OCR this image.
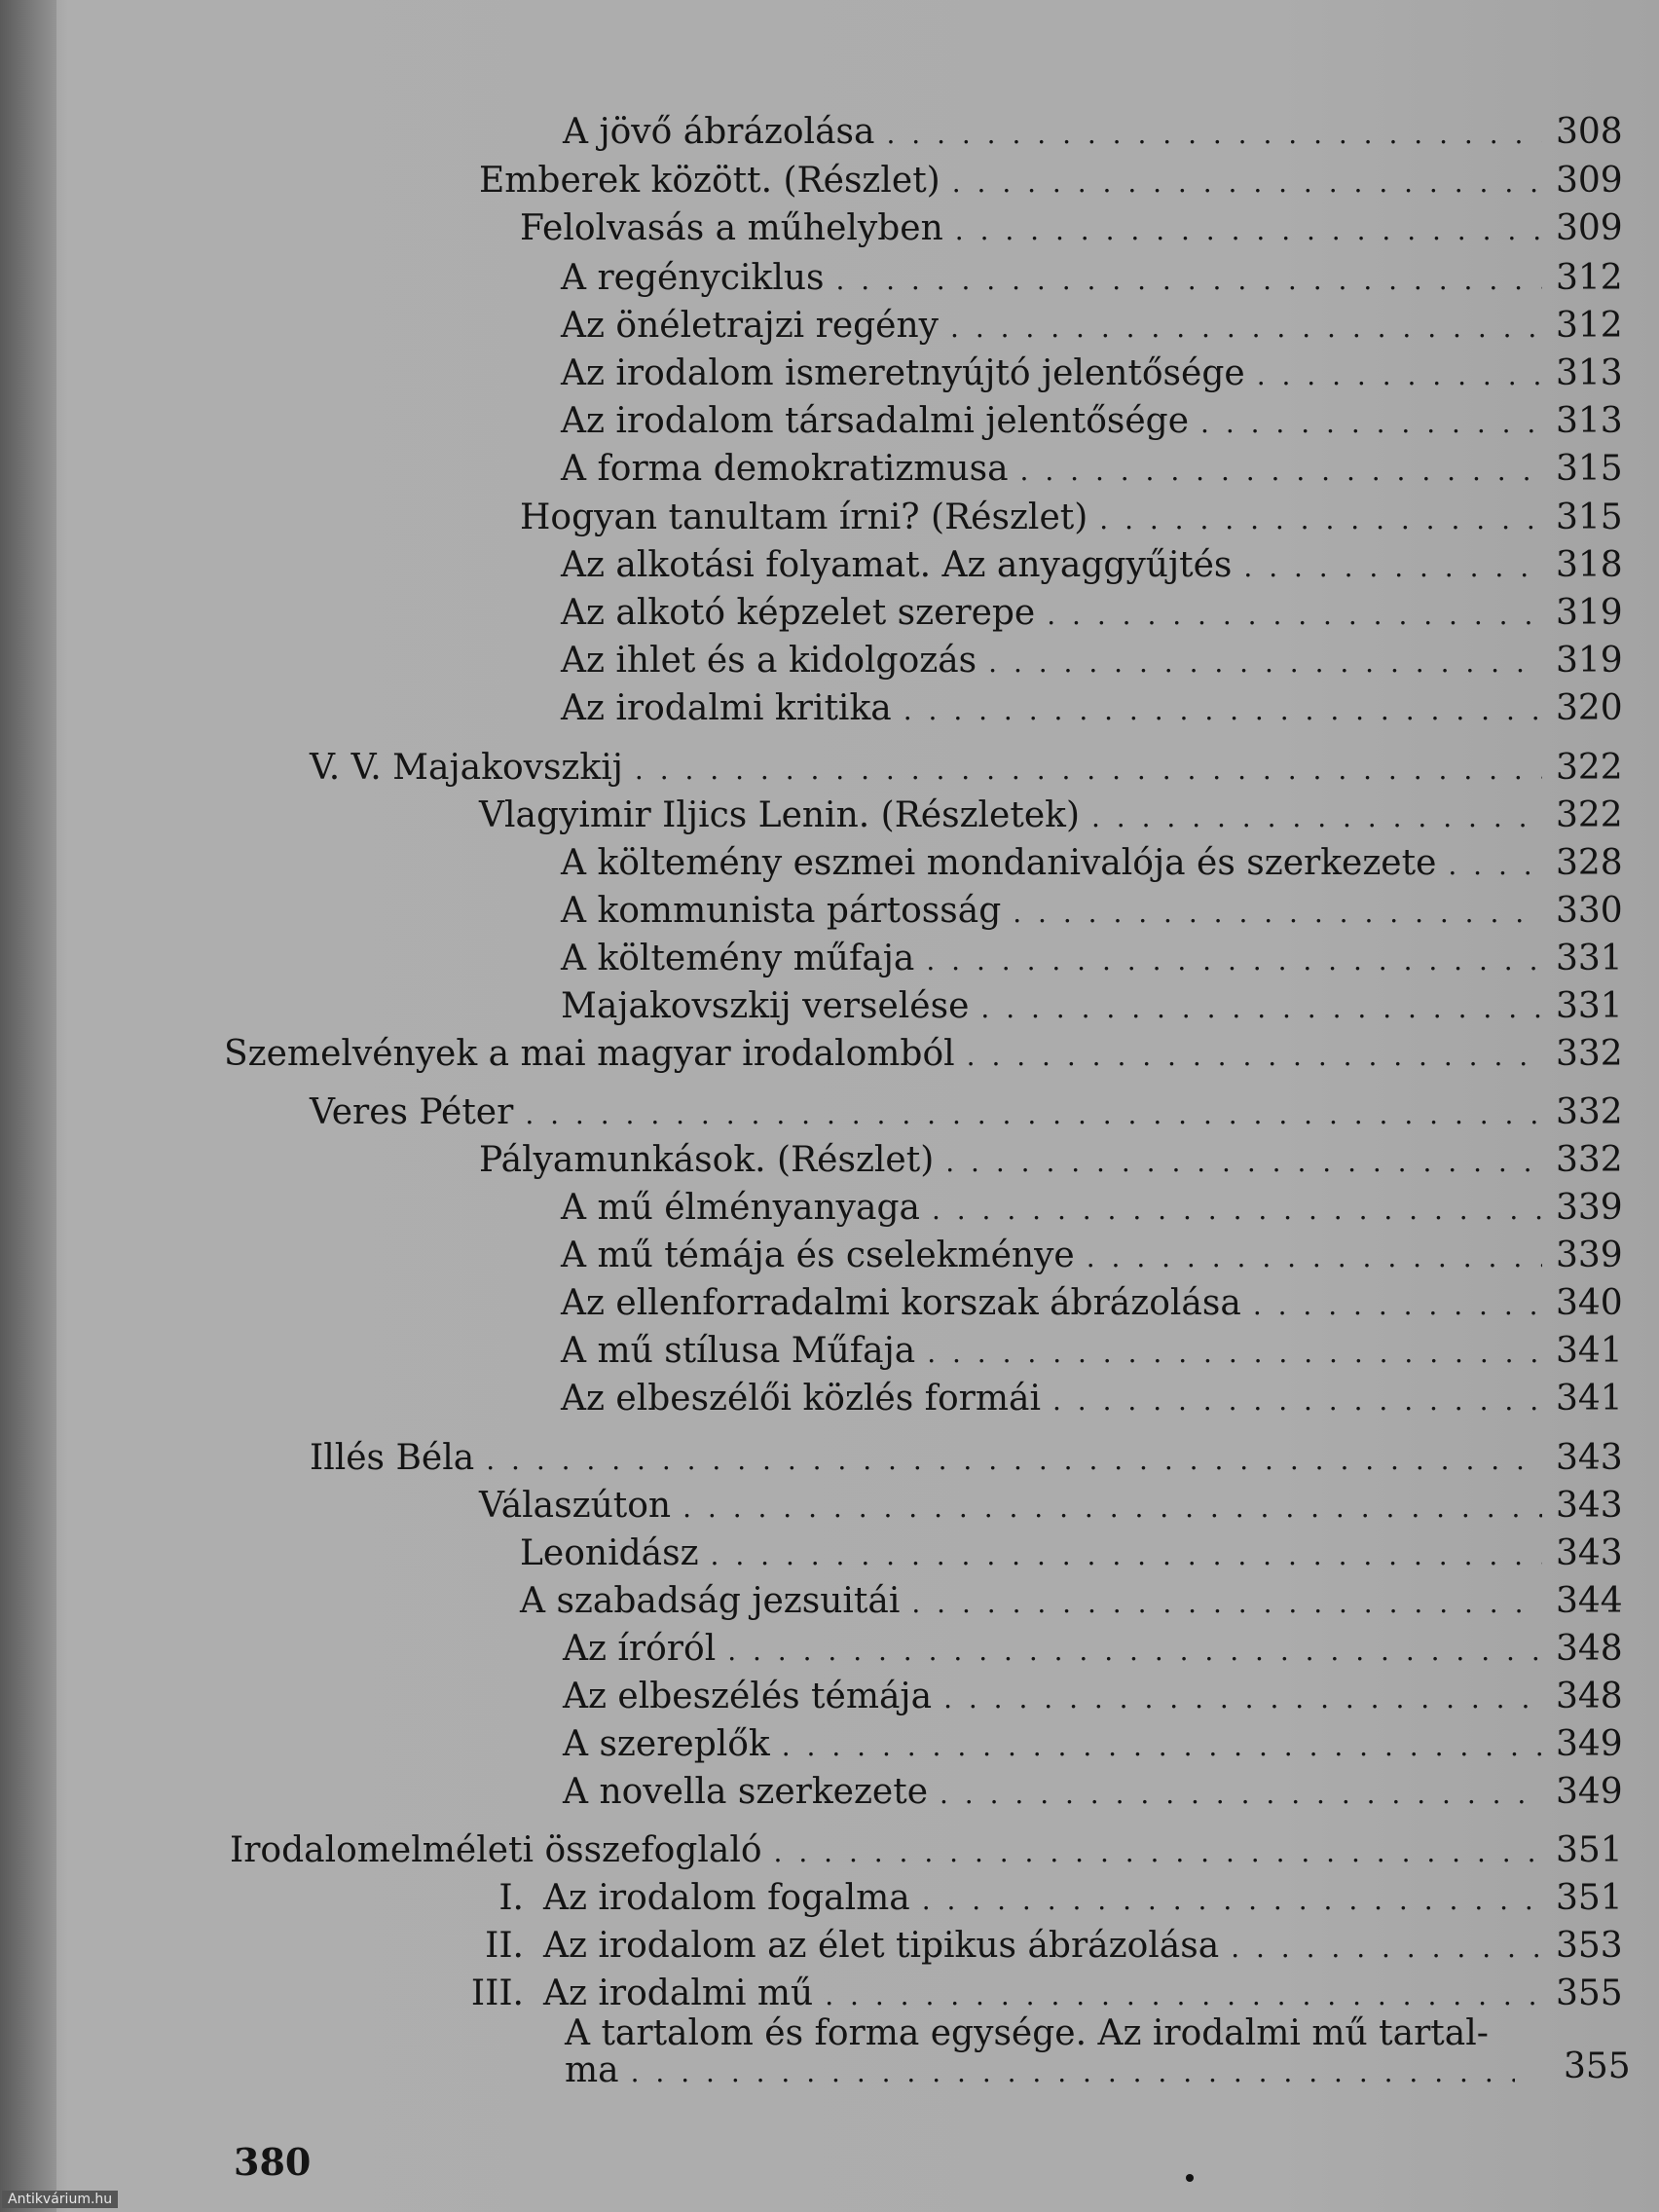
A jövő ábrázolása . . .	308
Emberek között. (Részlet) . . .	309
Felolvasás a műhelyben . . .	309
A regényciklus . . .	312
Az önéletrajzi regény . . .	312
Az irodalom ismeretnyújtó jelentősége . . .	313
Az irodalom társadalmi jelentősége . . .	313
A forma demokratizmusa . . .	315
Hogyan tanultam írni? (Részlet) . . .	315
Az alkotási folyamat. Az anyaggyűjtés . . .	318
Az alkotó képzelet szerepe . . .	319
Az ihlet és a kidolgozás . . .	319
Az irodalmi kritika . . .	320
V. V. Majakovszkij . . .	322
Vlagyimir Iljics Lenin. (Részletek) . . .	322
A költemény eszmei mondanivalója és szerkezete . . .	328
A kommunista pártosság . . .	330
A költemény műfaja . . .	331
Majakovszkij verselése . . .	331
Szemelvények a mai magyar irodalomból . . .	332
Veres Péter . . .	332
Pályamunkások. (Részlet) . . .	332
A mű élményanyaga . . .	339
A mű témája és cselekménye . . .	339
Az ellenforradalmi korszak ábrázolása . . .	340
A mű stílusa Műfaja . . .	341
Az elbeszélői közlés formái . . .	341
Illés Béla . . .	343
Válaszúton . . .	343
Leonidász . . .	343
A szabadság jezsuitái . . .	344
Az íróról . . .	348
Az elbeszélés témája . . .	348
A szereplők . . .	349
A novella szerkezete . . .	349
Irodalomelméleti összefoglaló . . .	351
I. Az irodalom fogalma . . .	351
II. Az irodalom az élet tipikus ábrázolása . . .	353
III. Az irodalmi mű . . .	355
A tartalom és forma egysége. Az irodalmi mű tartal-
ma . . .	355
380
Antikvárium.hu
